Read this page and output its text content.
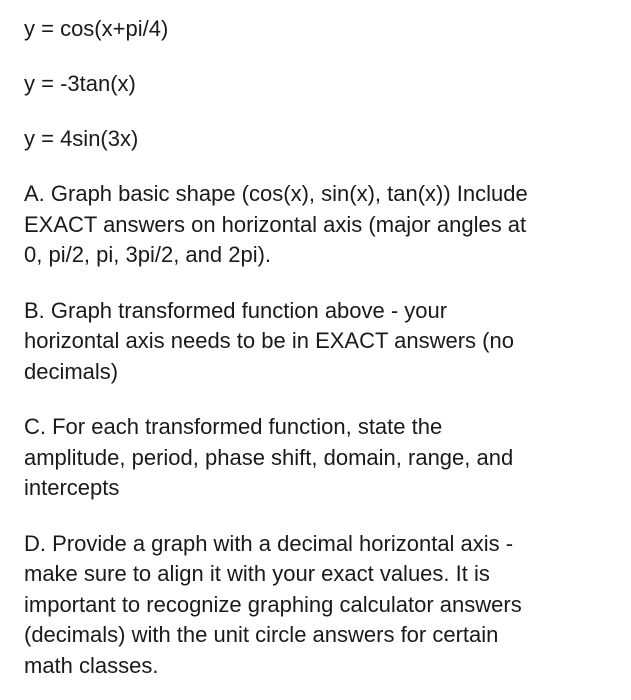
y = cos(x+pi/4)

y = -3tan(x)

y = 4sin(3x)

A. Graph basic shape (cos(x), sin(x), tan(x)) Include
EXACT answers on horizontal axis (major angles at
0, pi/2, pi, 3pi/2, and 2pi).
B. Graph transformed function above - your
horizontal axis needs to be in EXACT answers (no
decimals)
C. For each transformed function, state the
amplitude, period, phase shift, domain, range, and
intercepts
D. Provide a graph with a decimal horizontal axis -
make sure to align it with your exact values. It is
important to recognize graphing calculator answers
(decimals) with the unit circle answers for certain
math classes.
